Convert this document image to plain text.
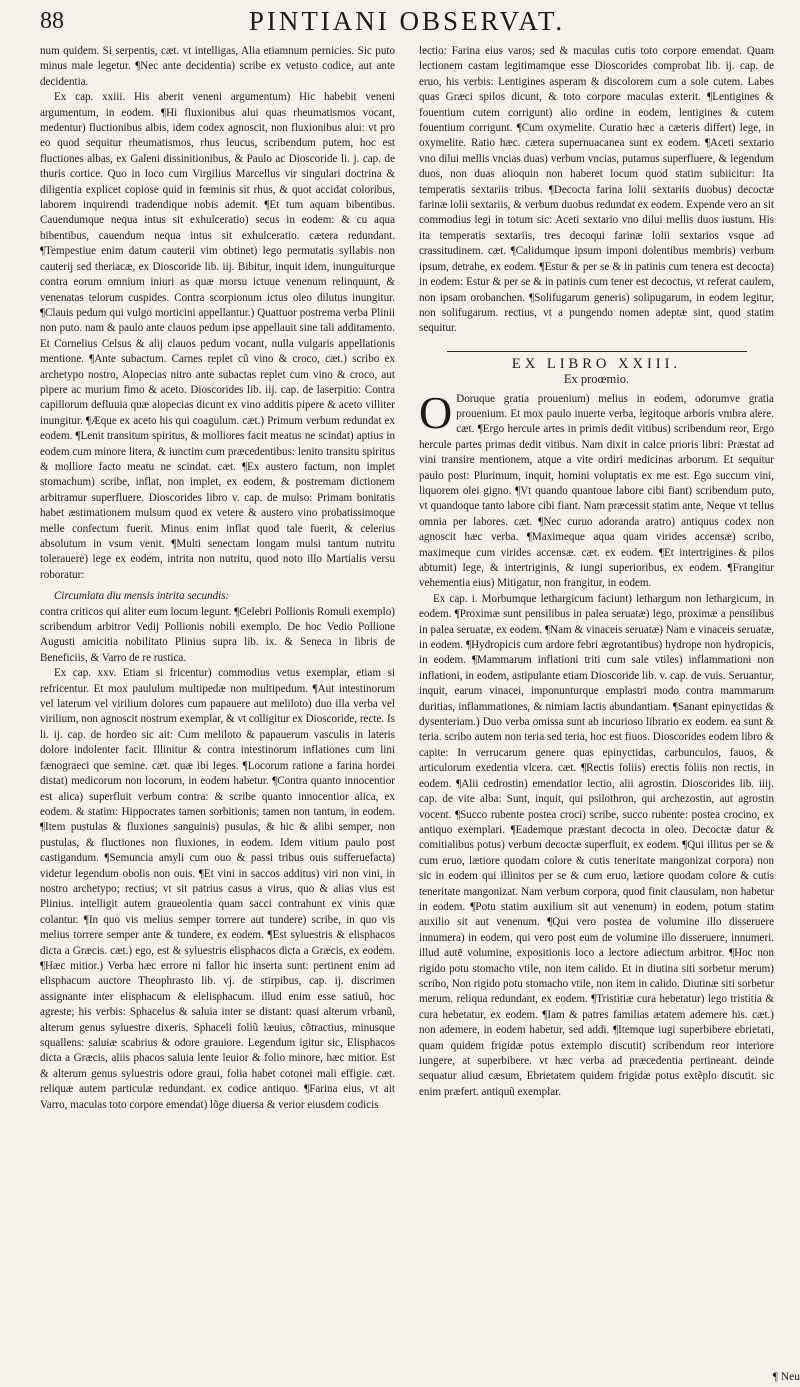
88	PINTIANI OBSERVAT.

num quidem. Si serpentis, cæt. vt intelligas, Alia etiamnum pernicies. Sic puto minus male legetur. ¶Nec ante decidentia) scribe ex vetusto codice, aut ante decidentia.

Ex cap. xxiii. His aberit veneni argumentum) Hic habebit veneni argumentum, in eodem. ¶Hi fluxionibus alui quas rheumatismos vocant, medentur) fluctionibus albis, idem codex agnoscit, non fluxionibus alui: vt pro eo quod sequitur rheumatismos, rhus leucus, scribendum putem, hoc est fluctiones albas, ex Galeni dissinitionibus, & Paulo ac Dioscoride li. j. cap. de thuris cortice. Quo in loco cum Virgilius Marcellus vir singulari doctrina & diligentia explicet copiose quid in fœminis sit rhus, & quot accidat coloribus, laborem inquirendi tradendique nobis ademit. ¶Et tum aquam bibentibus. Cauendumque nequa intus sit exhulceratio) secus in eodem: & cu aqua bibentibus, cauendum nequa intus sit exhulceratio. cætera redundant. ¶Tempestiue enim datum cauterii vim obtinet) lego permutatis syllabis non cauterij sed theriacæ, ex Dioscoride lib. iij. Bibitur, inquit idem, inunguiturque contra eorum omnium iniuri as quæ morsu ictuue venenum relinquunt, & venenatas telorum cuspides. Contra scorpionum ictus oleo dilutus inungitur. ¶Clauis pedum qui vulgo morticini appellantur.) Quattuor postrema verba Plinii non puto. nam & paulo ante clauos pedum ipse appellauit sine tali additamento. Et Cornelius Celsus & alij clauos pedum vocant, nulla vulgaris appellationis mentione. ¶Ante subactum. Carnes replet cũ vino & croco, cæt.) scribo ex archetypo nostro, Alopecias nitro ante subactas replet cum vino & croco, aut pipere ac murium fimo & aceto. Dioscorides lib. iij. cap. de laserpitio: Contra capillorum defluuia quæ alopecias dicunt ex vino additis pipere & aceto villiter inungitur. ¶Æque ex aceto his qui coagulum. cæt.) Primum verbum redundat ex eodem. ¶Lenit transitum spiritus, & molliores facit meatus ne scindat) aptius in eodem cum minore litera, & iunctim cum præcedentibus: lenito transitu spiritus & molliore facto meatu ne scindat. cæt. ¶Ex austero factum, non implet stomachum) scribe, inflat, non implet, ex eodem, & postremam dictionem arbitramur superfluere. Dioscorides libro v. cap. de mulso: Primam bonitatis habet æstimationem mulsum quod ex vetere & austero vino probatissimoque melle confectum fuerit. Minus enim inflat quod tale fuerit, & celerius absolutum in vsum venit. ¶Multi senectam longam mulsi tantum nutritu tolerauere) lege ex eodem, intrita non nutritu, quod noto illo Martialis versu roboratur:

Circumlata diu mensis intrita secundis:

contra criticos qui aliter eum locum legunt. ¶Celebri Pollionis Romuli exemplo) scribendum arbitror Vedij Pollionis nobili exemplo. De hoc Vedio Pollione Augusti amicitia nobilitato Plinius supra lib. ix. & Seneca in libris de Beneficiis, & Varro de re rustica.

Ex cap. xxv. Etiam si fricentur) commodius vetus exemplar, etiam si refricentur. Et mox paululum multipedæ non multipedum. ¶Aut intestinorum vel laterum vel virilium dolores cum papauere aut meliloto) duo illa verba vel virilium, non agnoscit nostrum exemplar, & vt colligitur ex Dioscoride, recte. Is li. ij. cap. de hordeo sic ait: Cum meliloto & papauerum vasculis in lateris dolore indolenter facit. Illinitur & contra intestinorum inflationes cum lini fænograeci que semine. cæt. quæ ibi leges. ¶Locorum ratione a farina hordei distat) medicorum non locorum, in eodem habetur. ¶Contra quanto innocentior est alica) superfluit verbum contra: & scribe quanto innocentior alica, ex eodem. & statim: Hippocrates tamen sorbitionis; tamen non tantum, in eodem. ¶Item pustulas & fluxiones sanguinis) pusulas, & hic & alibi semper, non pustulas, & fluctiones non fluxiones, in eodem. Idem vitium paulo post castigandum. ¶Semuncia amyli cum ouo & passi tribus ouis sufferuefacta) videtur legendum obolis non ouis. ¶Et vini in saccos additus) viri non vini, in nostro archetypo; rectius; vt sit patrius casus a virus, quo & alias vius est Plinius. intelligit autem graueolentia quam sacci contrahunt ex vinis quæ colantur. ¶In quo vis melius semper torrere aut tundere) scribe, in quo vis melius torrere semper ante & tundere, ex eodem. ¶Est syluestris & elisphacos dicta a Græcis. cæt.) ego, est & syluestris elisphacos dicta a Græcis, ex eodem. ¶Hæc mitior.) Verba hæc errore ni fallor hic inserta sunt: pertinent enim ad elisphacum auctore Theophrasto lib. vj. de stirpibus, cap. ij. discrimen assignante inter elisphacum & elelisphacum. illud enim esse satiuũ, hoc agreste; his verbis: Sphacelus & saluia inter se distant: quasi alterum vrbanũ, alterum genus syluestre dixeris. Sphaceli foliũ læuius, cõtractius, minusque squallens: saluiæ scabrius & odore grauiore. Legendum igitur sic, Elisphacos dicta a Græcis, aliis phacos saluia lente leuior & folio minore, hæc mitior. Est & alterum genus syluestris odore graui, folia habet cotonei mali effigie. cæt. reliquæ autem particulæ redundant. ex codice antiquo. ¶Farina eius, vt ait Varro, maculas toto corpore emendat) lõge diuersa & verior eiusdem codicis

lectio: Farina eius varos; sed & maculas cutis toto corpore emendat. Quam lectionem castam legitimamque esse Dioscorides comprobat lib. ij. cap. de eruo, his verbis: Lentigines asperam & discolorem cum a sole cutem. Labes quas Græci spilos dicunt, & toto corpore maculas exterit. ¶Lentigines & fouentium cutem corrigunt) alio ordine in eodem, lentigines & cutem fouentium corrigunt. ¶Cum oxymelite. Curatio hæc a cæteris differt) lege, in oxymelite. Ratio hæc. cætera supernuacanea sunt ex eodem. ¶Aceti sextario vno dilui mellis vncias duas) verbum vncias, putamus superfluere, & legendum duos, non duas alioquin non haberet locum quod statim subiicitur: Ita temperatis sextariis tribus. ¶Decocta farina lolii sextariis duobus) decoctæ farinæ lolii sextariis, & verbum duobus redundat ex eodem. Expende vero an sit commodius legi in totum sic: Aceti sextario vno dilui mellis duos iustum. His ita temperatis sextariis, tres decoqui farinæ lolii sextarios vsque ad crassitudinem. cæt. ¶Calidumque ipsum imponi dolentibus membris) verbum ipsum, detrahe, ex eodem. ¶Estur & per se & in patinis cum tenera est decocta) in eodem: Estur & per se & in patinis cum tener est decoctus, vt referat caulem, non ipsam orobanchen. ¶Solifugarum generis) solipugarum, in eodem legitur, non solifugarum. rectius, vt a pungendo nomen adeptæ sint, quod statim sequitur.

EX LIBRO XXIII.
Ex proœmio.

O Doruque gratia prouenium) melius in eodem, odorumve gratia prouenium. Et mox paulo inuerte verba, legitoque arboris vmbra alere. cæt. ¶Ergo hercule artes in primis dedit vitibus) scribendum reor, Ergo hercule partes primas dedit vitibus. Nam dixit in calce prioris libri: Præstat ad vini transire mentionem, atque a vite ordiri medicinas arborum. Et sequitur paulo post: Plurimum, inquit, homini voluptatis ex me est. Ego succum vini, liquorem olei gigno. ¶Vt quando quantoue labore cibi fiant) scribendum puto, vt quandoque tanto labore cibi fiant. Nam præcessit statim ante, Neque vt tellus omnia per labores. cæt. ¶Nec curuo adoranda aratro) antiquus codex non agnoscit hæc verba. ¶Maximeque aqua quam virides accensæ) scribo, maximeque cum virides accensæ. cæt. ex eodem. ¶Et intertrigines & pilos abtumit) lege, & intertriginis, & iungi superioribus, ex eodem. ¶Frangitur vehementia eius) Mitigatur, non frangitur, in eodem.

Ex cap. i. Morbumque lethargicum faciunt) lethargum non lethargicum, in eodem. ¶Proximæ sunt pensilibus in palea seruatæ) lego, proximæ a pensilibus in palea seruatæ, ex eodem. ¶Nam & vinaceis seruatæ) Nam e vinaceis seruatæ, in eodem. ¶Hydropicis cum ardore febri ægrotantibus) hydrope non hydropicis, in eodem. ¶Mammarum inflationi triti cum sale vtiles) inflammationi non inflationi, in eodem, astipulante etiam Dioscoride lib. v. cap. de vuis. Seruantur, inquit, earum vinacei, imponunturque emplastri modo contra mammarum duritias, inflammationes, & nimiam lactis abundantiam. ¶Sanant epinyctidas & dysenteriam.) Duo verba omissa sunt ab incurioso librario ex eodem. ea sunt & teria. scribo autem non teria sed teria, hoc est fiuos. Dioscorides eodem libro & capite: In verrucarum genere quas epinyctidas, carbunculos, fauos, & articulorum exedentia vlcera. cæt. ¶Rectis foliis) erectis foliis non rectis, in eodem. ¶Alii cedrostin) emendatior lectio, alii agrostin. Dioscorides lib. iiij. cap. de vite alba: Sunt, inquit, qui psilothron, qui archezostin, aut agrostin vocent. ¶Succo rubente postea croci) scribe, succo rubente: postea crocino, ex antiquo exemplari. ¶Eademque præstant decocta in oleo. Decoctæ datur & comitialibus potus) verbum decoctæ superfluit, ex eodem. ¶Qui illitus per se & cum eruo, lætiore quodam colore & cutis teneritate mangonizat corpora) non sic in eodem qui illinitos per se & cum eruo, lætiore quodam colore & cutis teneritate mangonizat. Nam verbum corpora, quod finit clausulam, non habetur in eodem. ¶Potu statim auxilium sit aut venenum) in eodem, potum statim auxilio sit aut venenum. ¶Qui vero postea de volumine illo disseruere innumera) in eodem, qui vero post eum de volumine illo disseruere, innumeri. illud autē volumine, expositionis loco a lectore adiectum arbitror. ¶Hoc non rigido potu stomacho vtile, non item calido. Et in diutina siti sorbetur merum) scribo, Non rigido potu stomacho vtile, non item in calido. Diutinæ siti sorbetur merum. reliqua redundant, ex eodem. ¶Tristitiæ cura hebetatur) lego tristitia & cura hebetatur, ex eodem. ¶Iam & patres familias ætatem ademere his. cæt.) non ademere, in eodem habetur, sed addi. ¶Itemque iugi superbibere ebrietati, quam quidem frigidæ potus extemplo discutit) scribendum reor interiore iungere, at superbibere. vt hæc verba ad præcedentia pertineant. deinde sequatur aliud cæsum, Ebrietatem quidem frigidæ potus extẽplo discutit. sic enim præfert. antiquũ exemplar.

¶ Neu
